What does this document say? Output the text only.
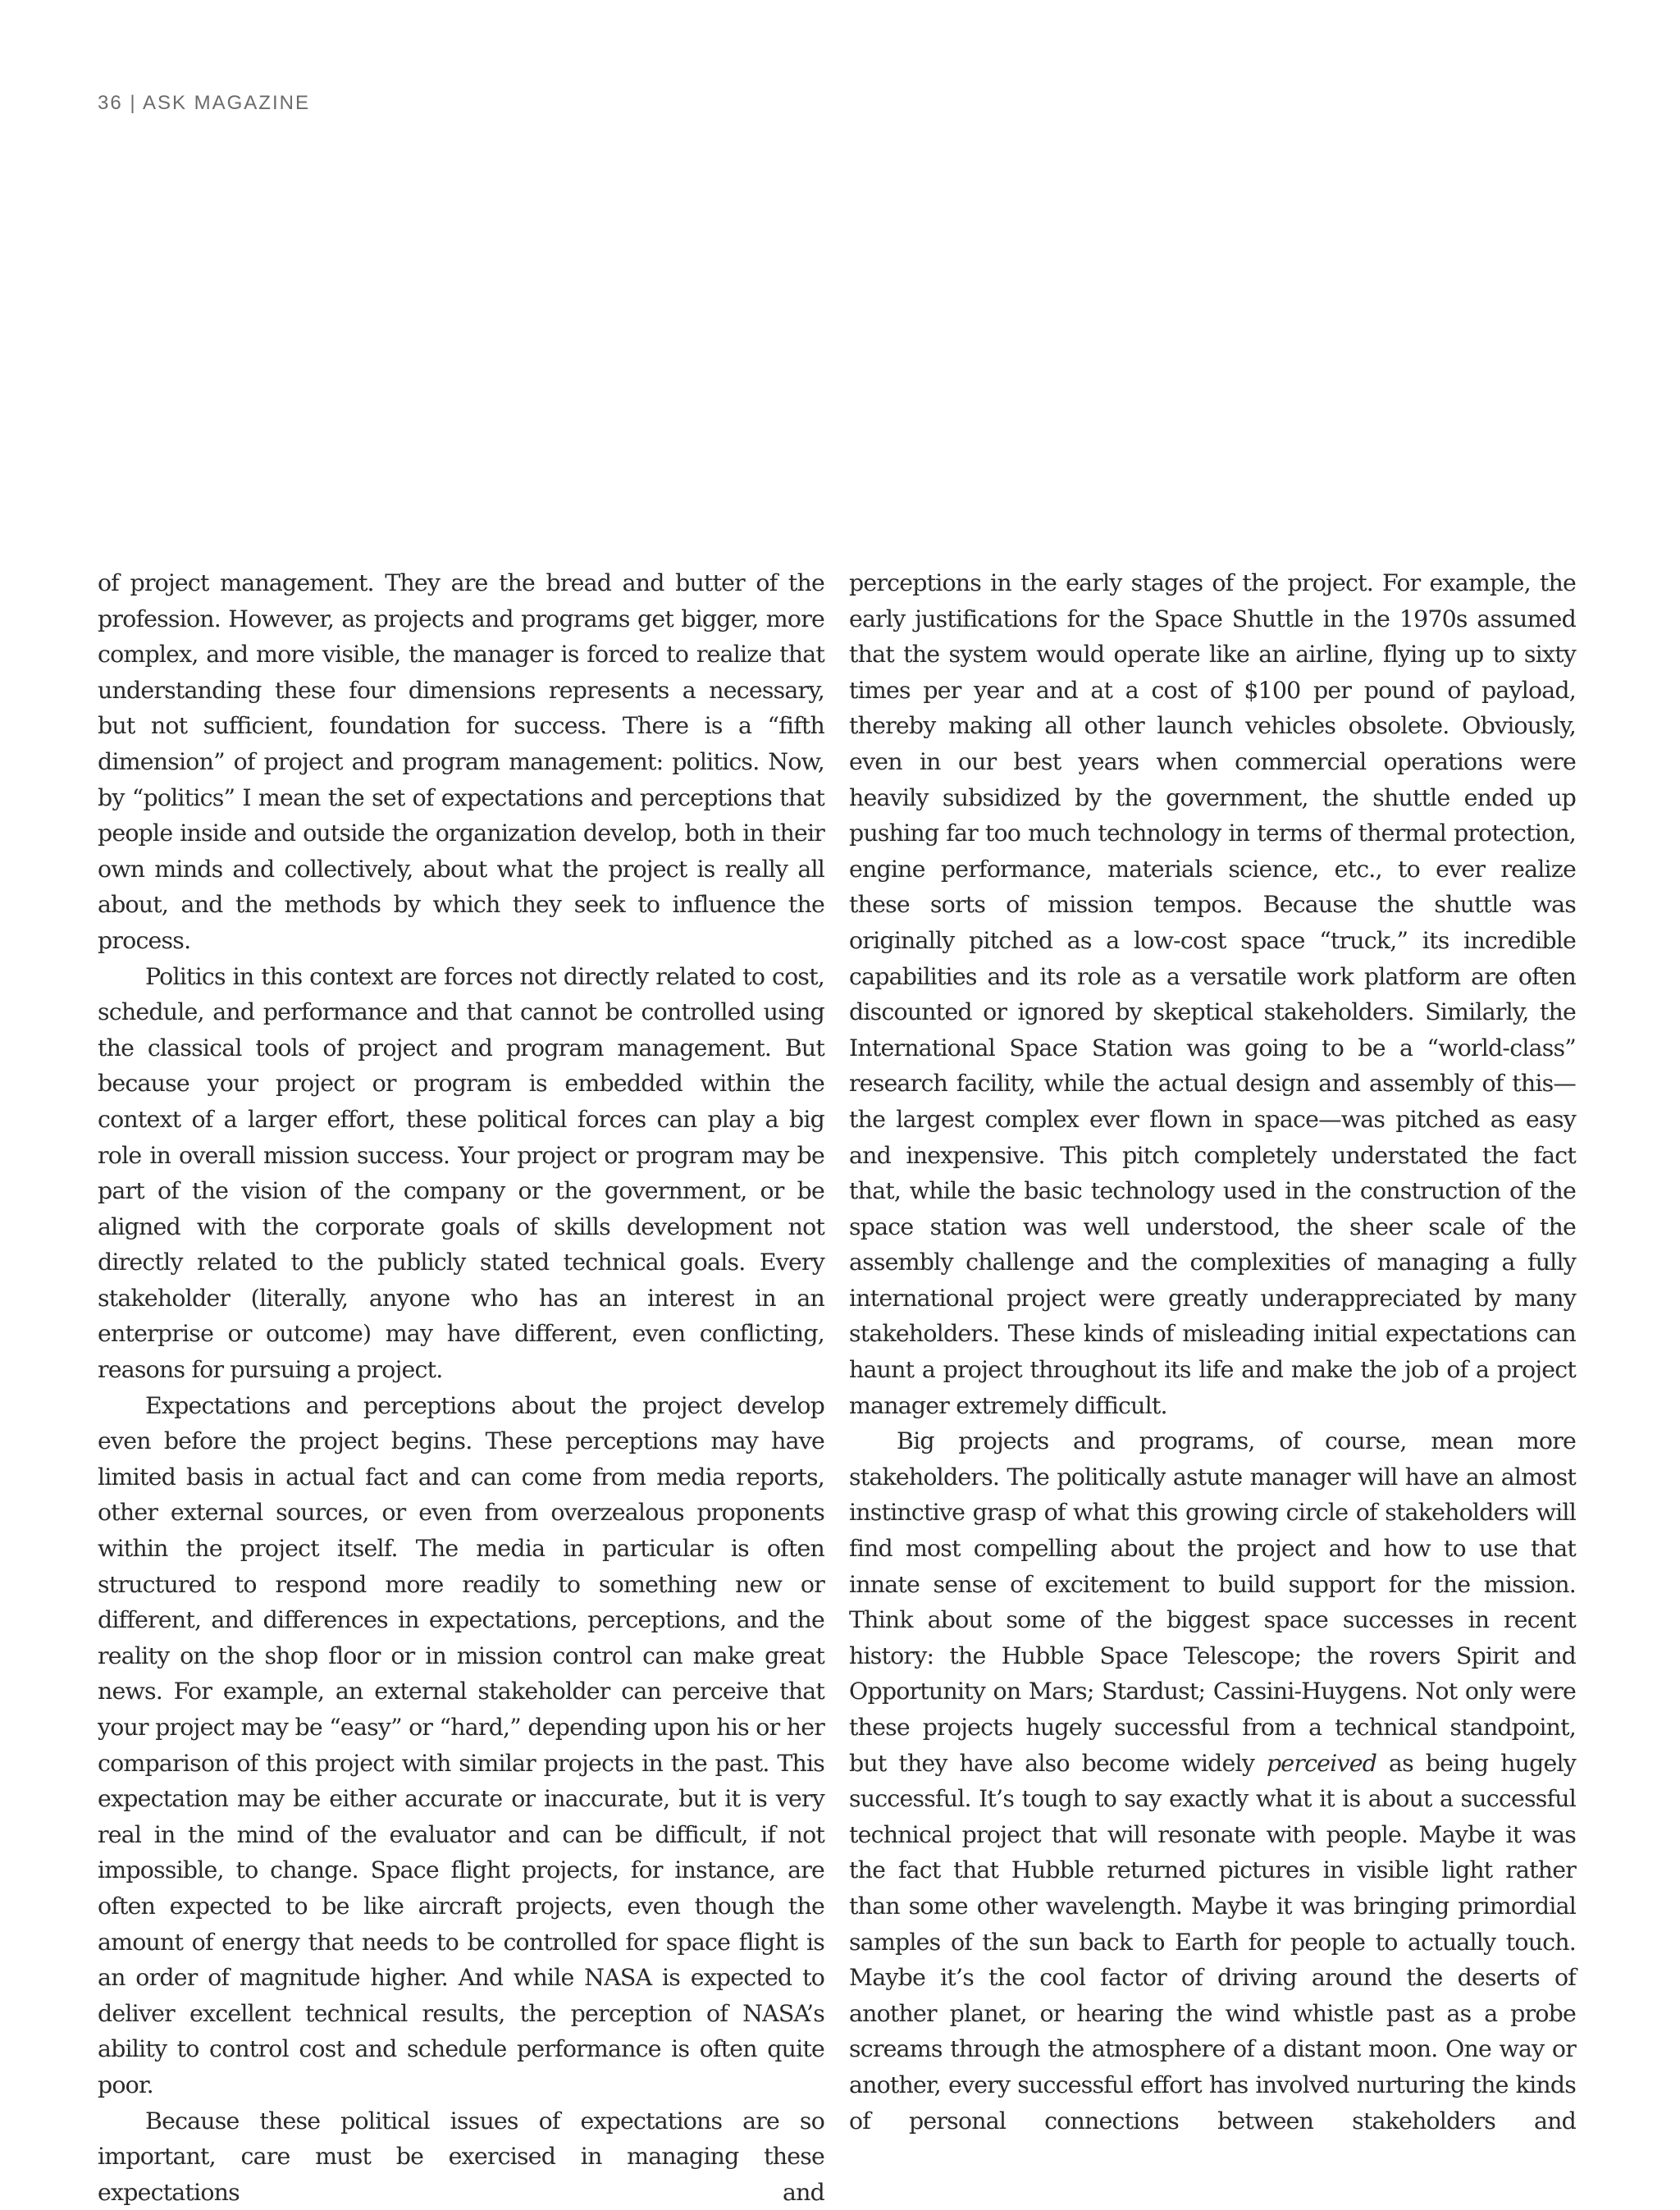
36 | ASK MAGAZINE

of project management. They are the bread and butter of the profession. However, as projects and programs get bigger, more complex, and more visible, the manager is forced to realize that understanding these four dimensions represents a necessary, but not sufficient, foundation for success. There is a “fifth dimension” of project and program management: politics. Now, by “politics” I mean the set of expectations and perceptions that people inside and outside the organization develop, both in their own minds and collectively, about what the project is really all about, and the methods by which they seek to influence the process.

Politics in this context are forces not directly related to cost, schedule, and performance and that cannot be controlled using the classical tools of project and program management. But because your project or program is embedded within the context of a larger effort, these political forces can play a big role in overall mission success. Your project or program may be part of the vision of the company or the government, or be aligned with the corporate goals of skills development not directly related to the publicly stated technical goals. Every stakeholder (literally, anyone who has an interest in an enterprise or outcome) may have different, even conflicting, reasons for pursuing a project.

Expectations and perceptions about the project develop even before the project begins. These perceptions may have limited basis in actual fact and can come from media reports, other external sources, or even from overzealous proponents within the project itself. The media in particular is often structured to respond more readily to something new or different, and differences in expectations, perceptions, and the reality on the shop floor or in mission control can make great news. For example, an external stakeholder can perceive that your project may be “easy” or “hard,” depending upon his or her comparison of this project with similar projects in the past. This expectation may be either accurate or inaccurate, but it is very real in the mind of the evaluator and can be difficult, if not impossible, to change. Space flight projects, for instance, are often expected to be like aircraft projects, even though the amount of energy that needs to be controlled for space flight is an order of magnitude higher. And while NASA is expected to deliver excellent technical results, the perception of NASA’s ability to control cost and schedule performance is often quite poor.

Because these political issues of expectations are so important, care must be exercised in managing these expectations and

perceptions in the early stages of the project. For example, the early justifications for the Space Shuttle in the 1970s assumed that the system would operate like an airline, flying up to sixty times per year and at a cost of $100 per pound of payload, thereby making all other launch vehicles obsolete. Obviously, even in our best years when commercial operations were heavily subsidized by the government, the shuttle ended up pushing far too much technology in terms of thermal protection, engine performance, materials science, etc., to ever realize these sorts of mission tempos. Because the shuttle was originally pitched as a low-cost space “truck,” its incredible capabilities and its role as a versatile work platform are often discounted or ignored by skeptical stakeholders. Similarly, the International Space Station was going to be a “world-class” research facility, while the actual design and assembly of this—the largest complex ever flown in space—was pitched as easy and inexpensive. This pitch completely understated the fact that, while the basic technology used in the construction of the space station was well understood, the sheer scale of the assembly challenge and the complexities of managing a fully international project were greatly underappreciated by many stakeholders. These kinds of misleading initial expectations can haunt a project throughout its life and make the job of a project manager extremely difficult.

Big projects and programs, of course, mean more stakeholders. The politically astute manager will have an almost instinctive grasp of what this growing circle of stakeholders will find most compelling about the project and how to use that innate sense of excitement to build support for the mission. Think about some of the biggest space successes in recent history: the Hubble Space Telescope; the rovers Spirit and Opportunity on Mars; Stardust; Cassini-Huygens. Not only were these projects hugely successful from a technical standpoint, but they have also become widely perceived as being hugely successful. It’s tough to say exactly what it is about a successful technical project that will resonate with people. Maybe it was the fact that Hubble returned pictures in visible light rather than some other wavelength. Maybe it was bringing primordial samples of the sun back to Earth for people to actually touch. Maybe it’s the cool factor of driving around the deserts of another planet, or hearing the wind whistle past as a probe screams through the atmosphere of a distant moon. One way or another, every successful effort has involved nurturing the kinds of personal connections between stakeholders and
